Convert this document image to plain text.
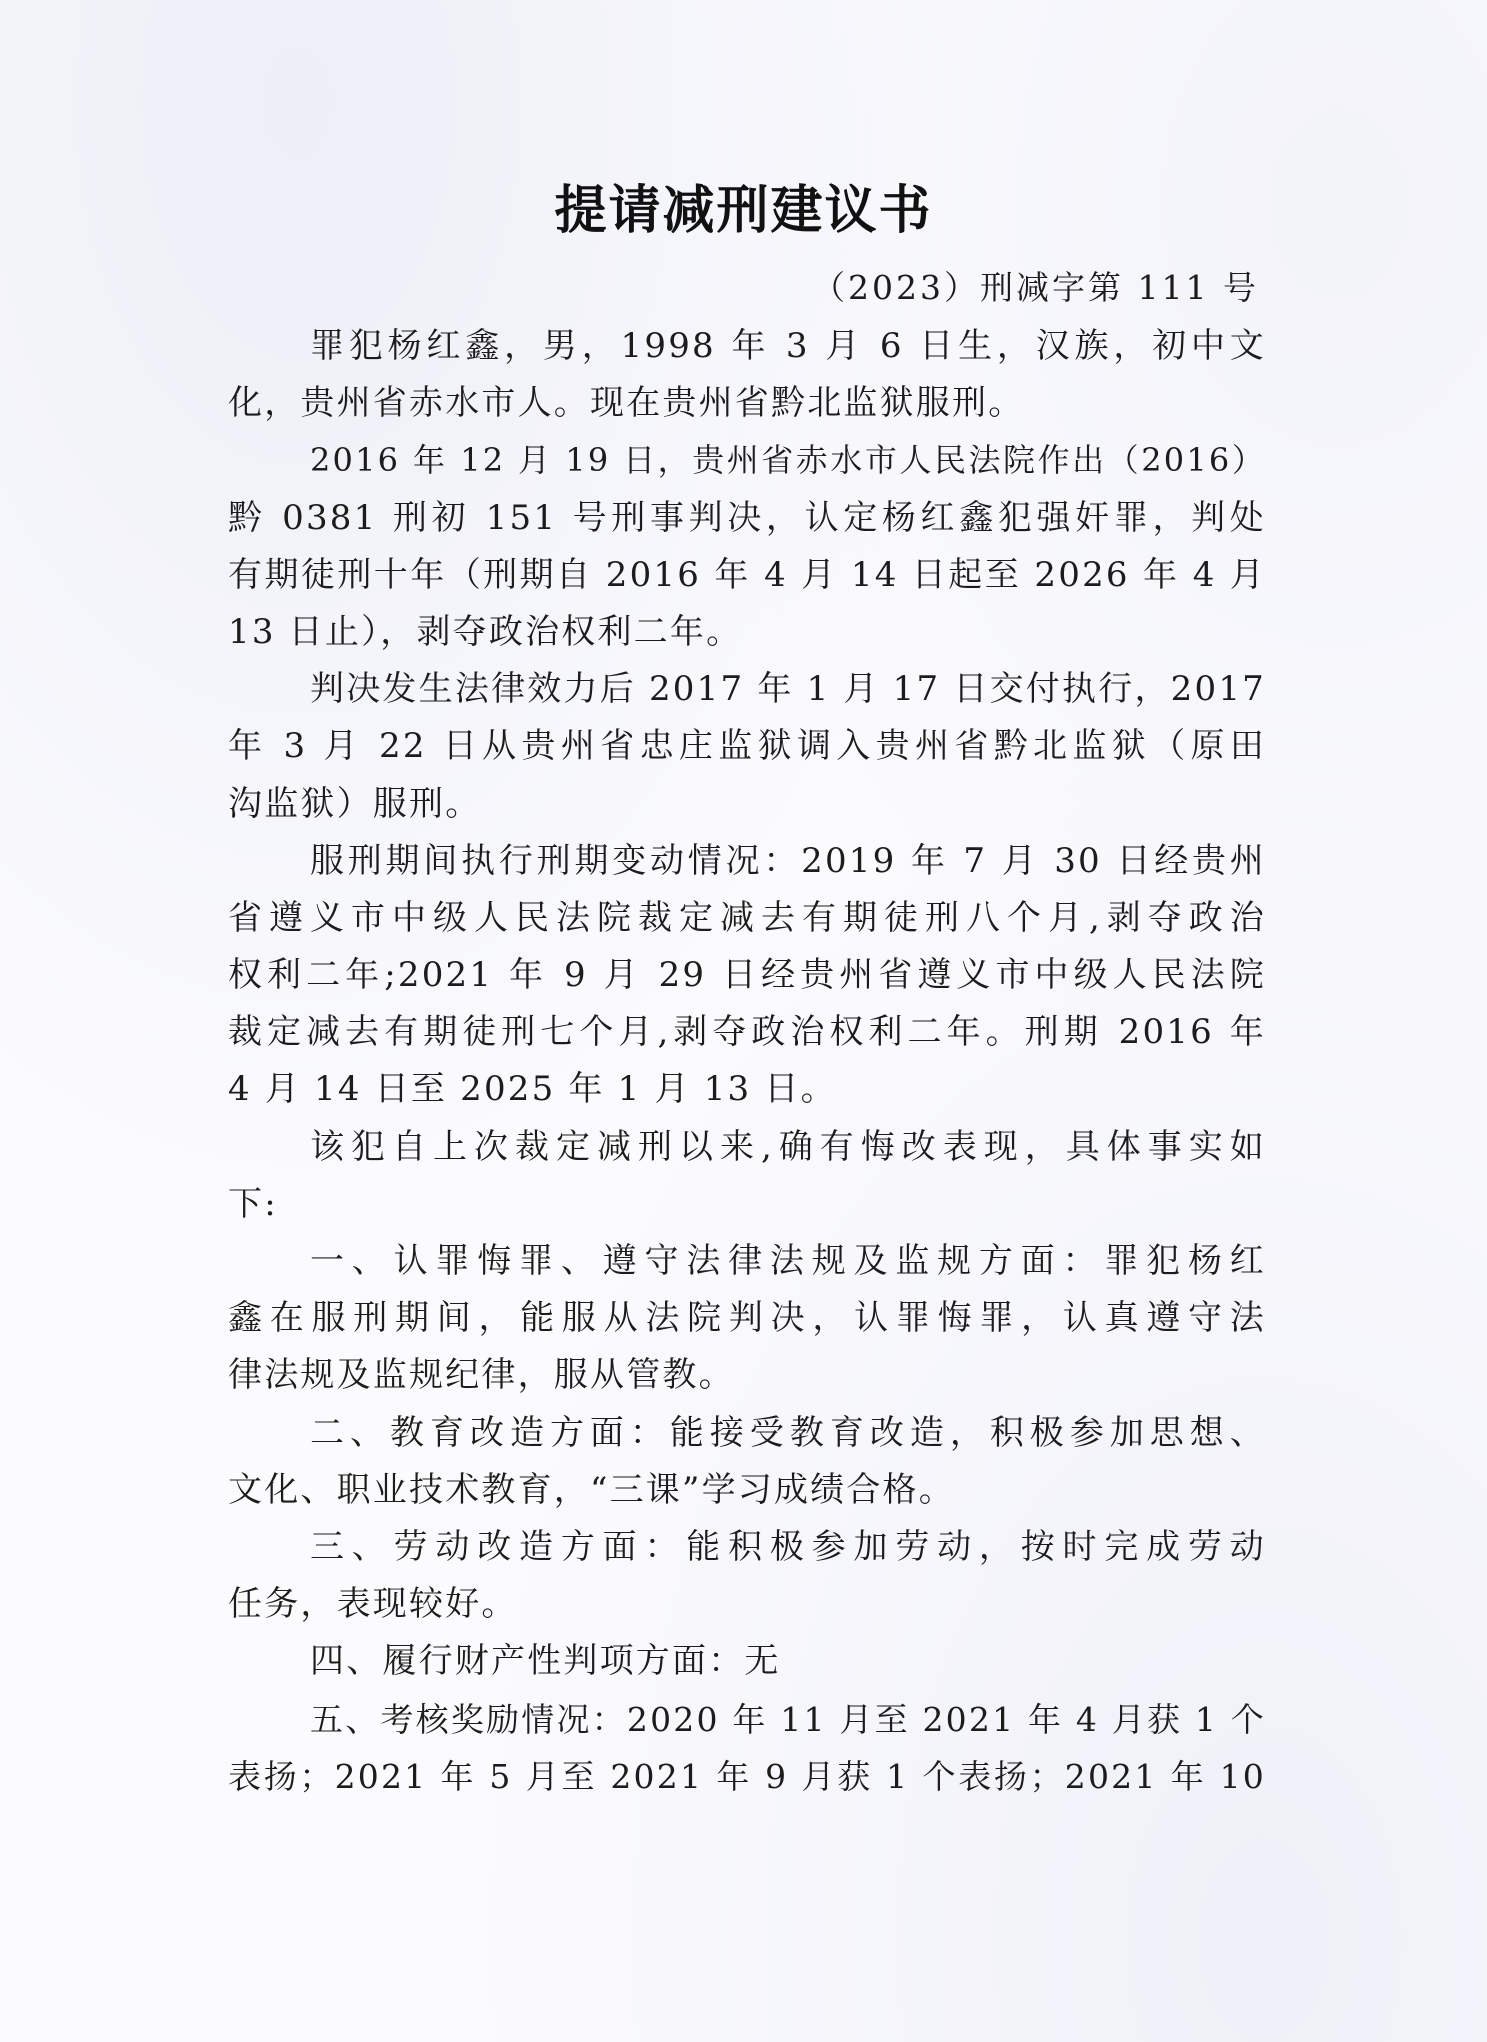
提请减刑建议书
（2023）刑减字第 111 号
罪犯杨红鑫，男，1998 年 3 月 6 日生，汉族，初中文
化，贵州省赤水市人。现在贵州省黔北监狱服刑。
2016 年 12 月 19 日，贵州省赤水市人民法院作出（2016）
黔 0381 刑初 151 号刑事判决，认定杨红鑫犯强奸罪，判处
有期徒刑十年（刑期自 2016 年 4 月 14 日起至 2026 年 4 月
13 日止），剥夺政治权利二年。
判决发生法律效力后 2017 年 1 月 17 日交付执行，2017
年 3 月 22 日从贵州省忠庄监狱调入贵州省黔北监狱（原田
沟监狱）服刑。
服刑期间执行刑期变动情况：2019 年 7 月 30 日经贵州
省遵义市中级人民法院裁定减去有期徒刑八个月,剥夺政治
权利二年;2021 年 9 月 29 日经贵州省遵义市中级人民法院
裁定减去有期徒刑七个月,剥夺政治权利二年。刑期 2016 年
4 月 14 日至 2025 年 1 月 13 日。
该犯自上次裁定减刑以来,确有悔改表现，具体事实如
下:
一、认罪悔罪、遵守法律法规及监规方面：罪犯杨红
鑫在服刑期间，能服从法院判决，认罪悔罪，认真遵守法
律法规及监规纪律，服从管教。
二、教育改造方面：能接受教育改造，积极参加思想、
文化、职业技术教育，“三课”学习成绩合格。
三、劳动改造方面：能积极参加劳动，按时完成劳动
任务，表现较好。
四、履行财产性判项方面：无
五、考核奖励情况：2020 年 11 月至 2021 年 4 月获 1 个
表扬；2021 年 5 月至 2021 年 9 月获 1 个表扬；2021 年 10
